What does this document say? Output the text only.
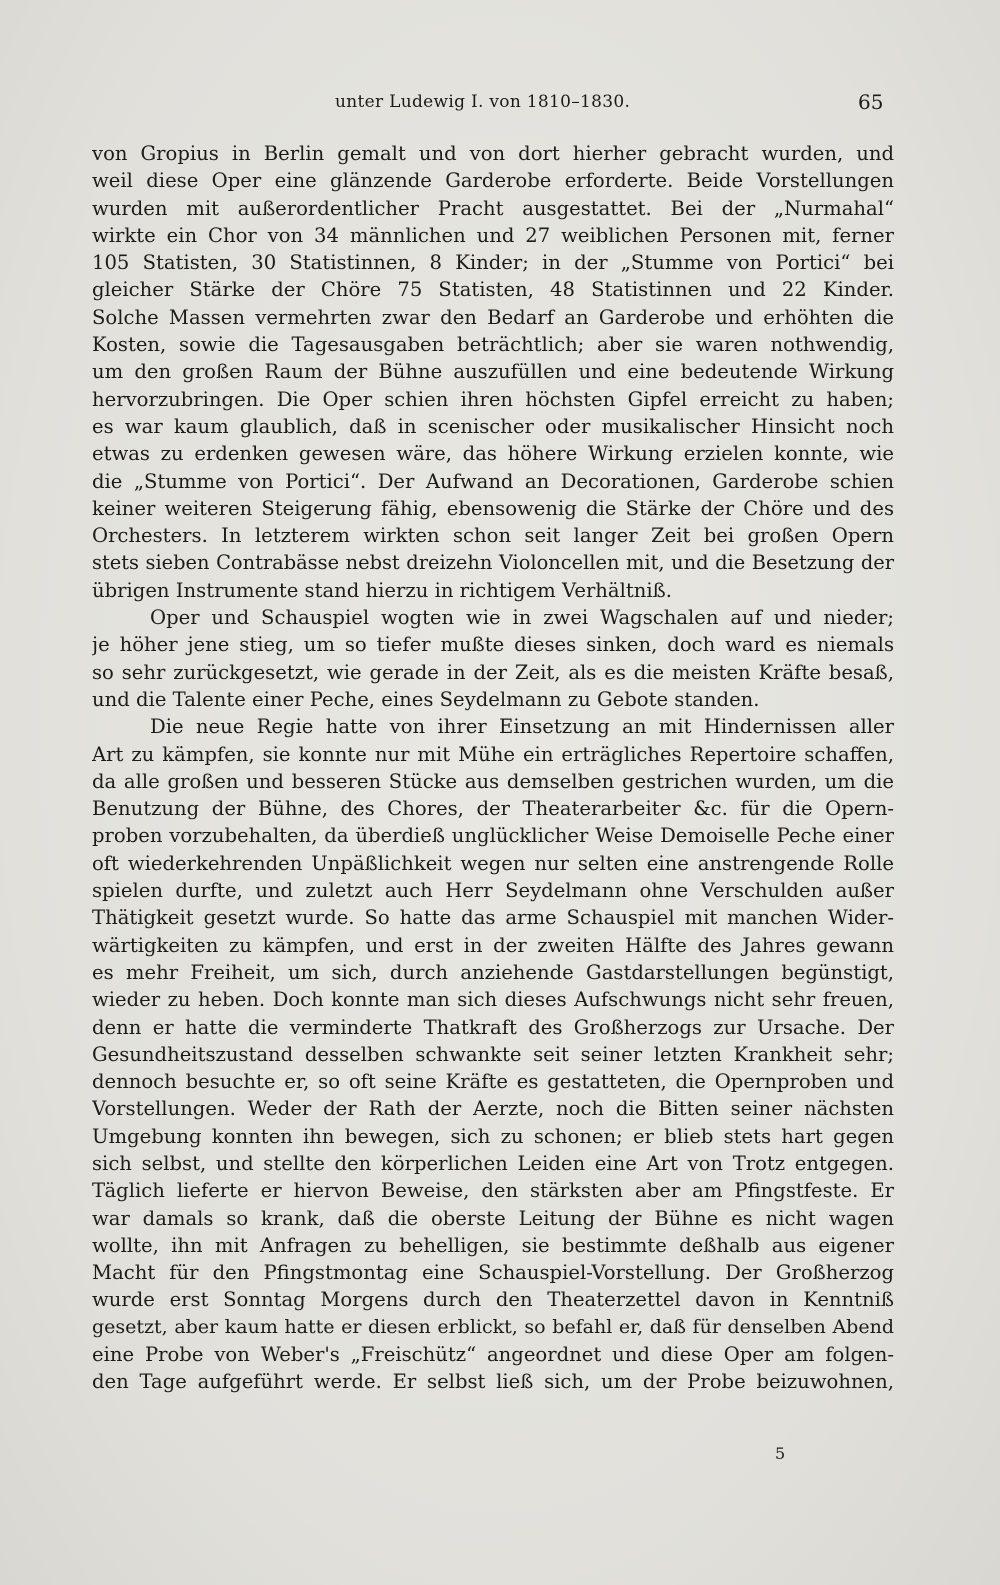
unter Ludewig I. von 1810–1830.	65
von Gropius in Berlin gemalt und von dort hierher gebracht wurden, und
weil diese Oper eine glänzende Garderobe erforderte. Beide Vorstellungen
wurden mit außerordentlicher Pracht ausgestattet. Bei der „Nurmahal“
wirkte ein Chor von 34 männlichen und 27 weiblichen Personen mit, ferner
105 Statisten, 30 Statistinnen, 8 Kinder; in der „Stumme von Portici“ bei
gleicher Stärke der Chöre 75 Statisten, 48 Statistinnen und 22 Kinder.
Solche Massen vermehrten zwar den Bedarf an Garderobe und erhöhten die
Kosten, sowie die Tagesausgaben beträchtlich; aber sie waren nothwendig,
um den großen Raum der Bühne auszufüllen und eine bedeutende Wirkung
hervorzubringen. Die Oper schien ihren höchsten Gipfel erreicht zu haben;
es war kaum glaublich, daß in scenischer oder musikalischer Hinsicht noch
etwas zu erdenken gewesen wäre, das höhere Wirkung erzielen konnte, wie
die „Stumme von Portici“. Der Aufwand an Decorationen, Garderobe schien
keiner weiteren Steigerung fähig, ebensowenig die Stärke der Chöre und des
Orchesters. In letzterem wirkten schon seit langer Zeit bei großen Opern
stets sieben Contrabässe nebst dreizehn Violoncellen mit, und die Besetzung der
übrigen Instrumente stand hierzu in richtigem Verhältniß.
Oper und Schauspiel wogten wie in zwei Wagschalen auf und nieder;
je höher jene stieg, um so tiefer mußte dieses sinken, doch ward es niemals
so sehr zurückgesetzt, wie gerade in der Zeit, als es die meisten Kräfte besaß,
und die Talente einer Peche, eines Seydelmann zu Gebote standen.
Die neue Regie hatte von ihrer Einsetzung an mit Hindernissen aller
Art zu kämpfen, sie konnte nur mit Mühe ein erträgliches Repertoire schaffen,
da alle großen und besseren Stücke aus demselben gestrichen wurden, um die
Benutzung der Bühne, des Chores, der Theaterarbeiter &c. für die Opern-
proben vorzubehalten, da überdieß unglücklicher Weise Demoiselle Peche einer
oft wiederkehrenden Unpäßlichkeit wegen nur selten eine anstrengende Rolle
spielen durfte, und zuletzt auch Herr Seydelmann ohne Verschulden außer
Thätigkeit gesetzt wurde. So hatte das arme Schauspiel mit manchen Wider-
wärtigkeiten zu kämpfen, und erst in der zweiten Hälfte des Jahres gewann
es mehr Freiheit, um sich, durch anziehende Gastdarstellungen begünstigt,
wieder zu heben. Doch konnte man sich dieses Aufschwungs nicht sehr freuen,
denn er hatte die verminderte Thatkraft des Großherzogs zur Ursache. Der
Gesundheitszustand desselben schwankte seit seiner letzten Krankheit sehr;
dennoch besuchte er, so oft seine Kräfte es gestatteten, die Opernproben und
Vorstellungen. Weder der Rath der Aerzte, noch die Bitten seiner nächsten
Umgebung konnten ihn bewegen, sich zu schonen; er blieb stets hart gegen
sich selbst, und stellte den körperlichen Leiden eine Art von Trotz entgegen.
Täglich lieferte er hiervon Beweise, den stärksten aber am Pfingstfeste. Er
war damals so krank, daß die oberste Leitung der Bühne es nicht wagen
wollte, ihn mit Anfragen zu behelligen, sie bestimmte deßhalb aus eigener
Macht für den Pfingstmontag eine Schauspiel-Vorstellung. Der Großherzog
wurde erst Sonntag Morgens durch den Theaterzettel davon in Kenntniß
gesetzt, aber kaum hatte er diesen erblickt, so befahl er, daß für denselben Abend
eine Probe von Weber's „Freischütz“ angeordnet und diese Oper am folgen-
den Tage aufgeführt werde. Er selbst ließ sich, um der Probe beizuwohnen,
5
